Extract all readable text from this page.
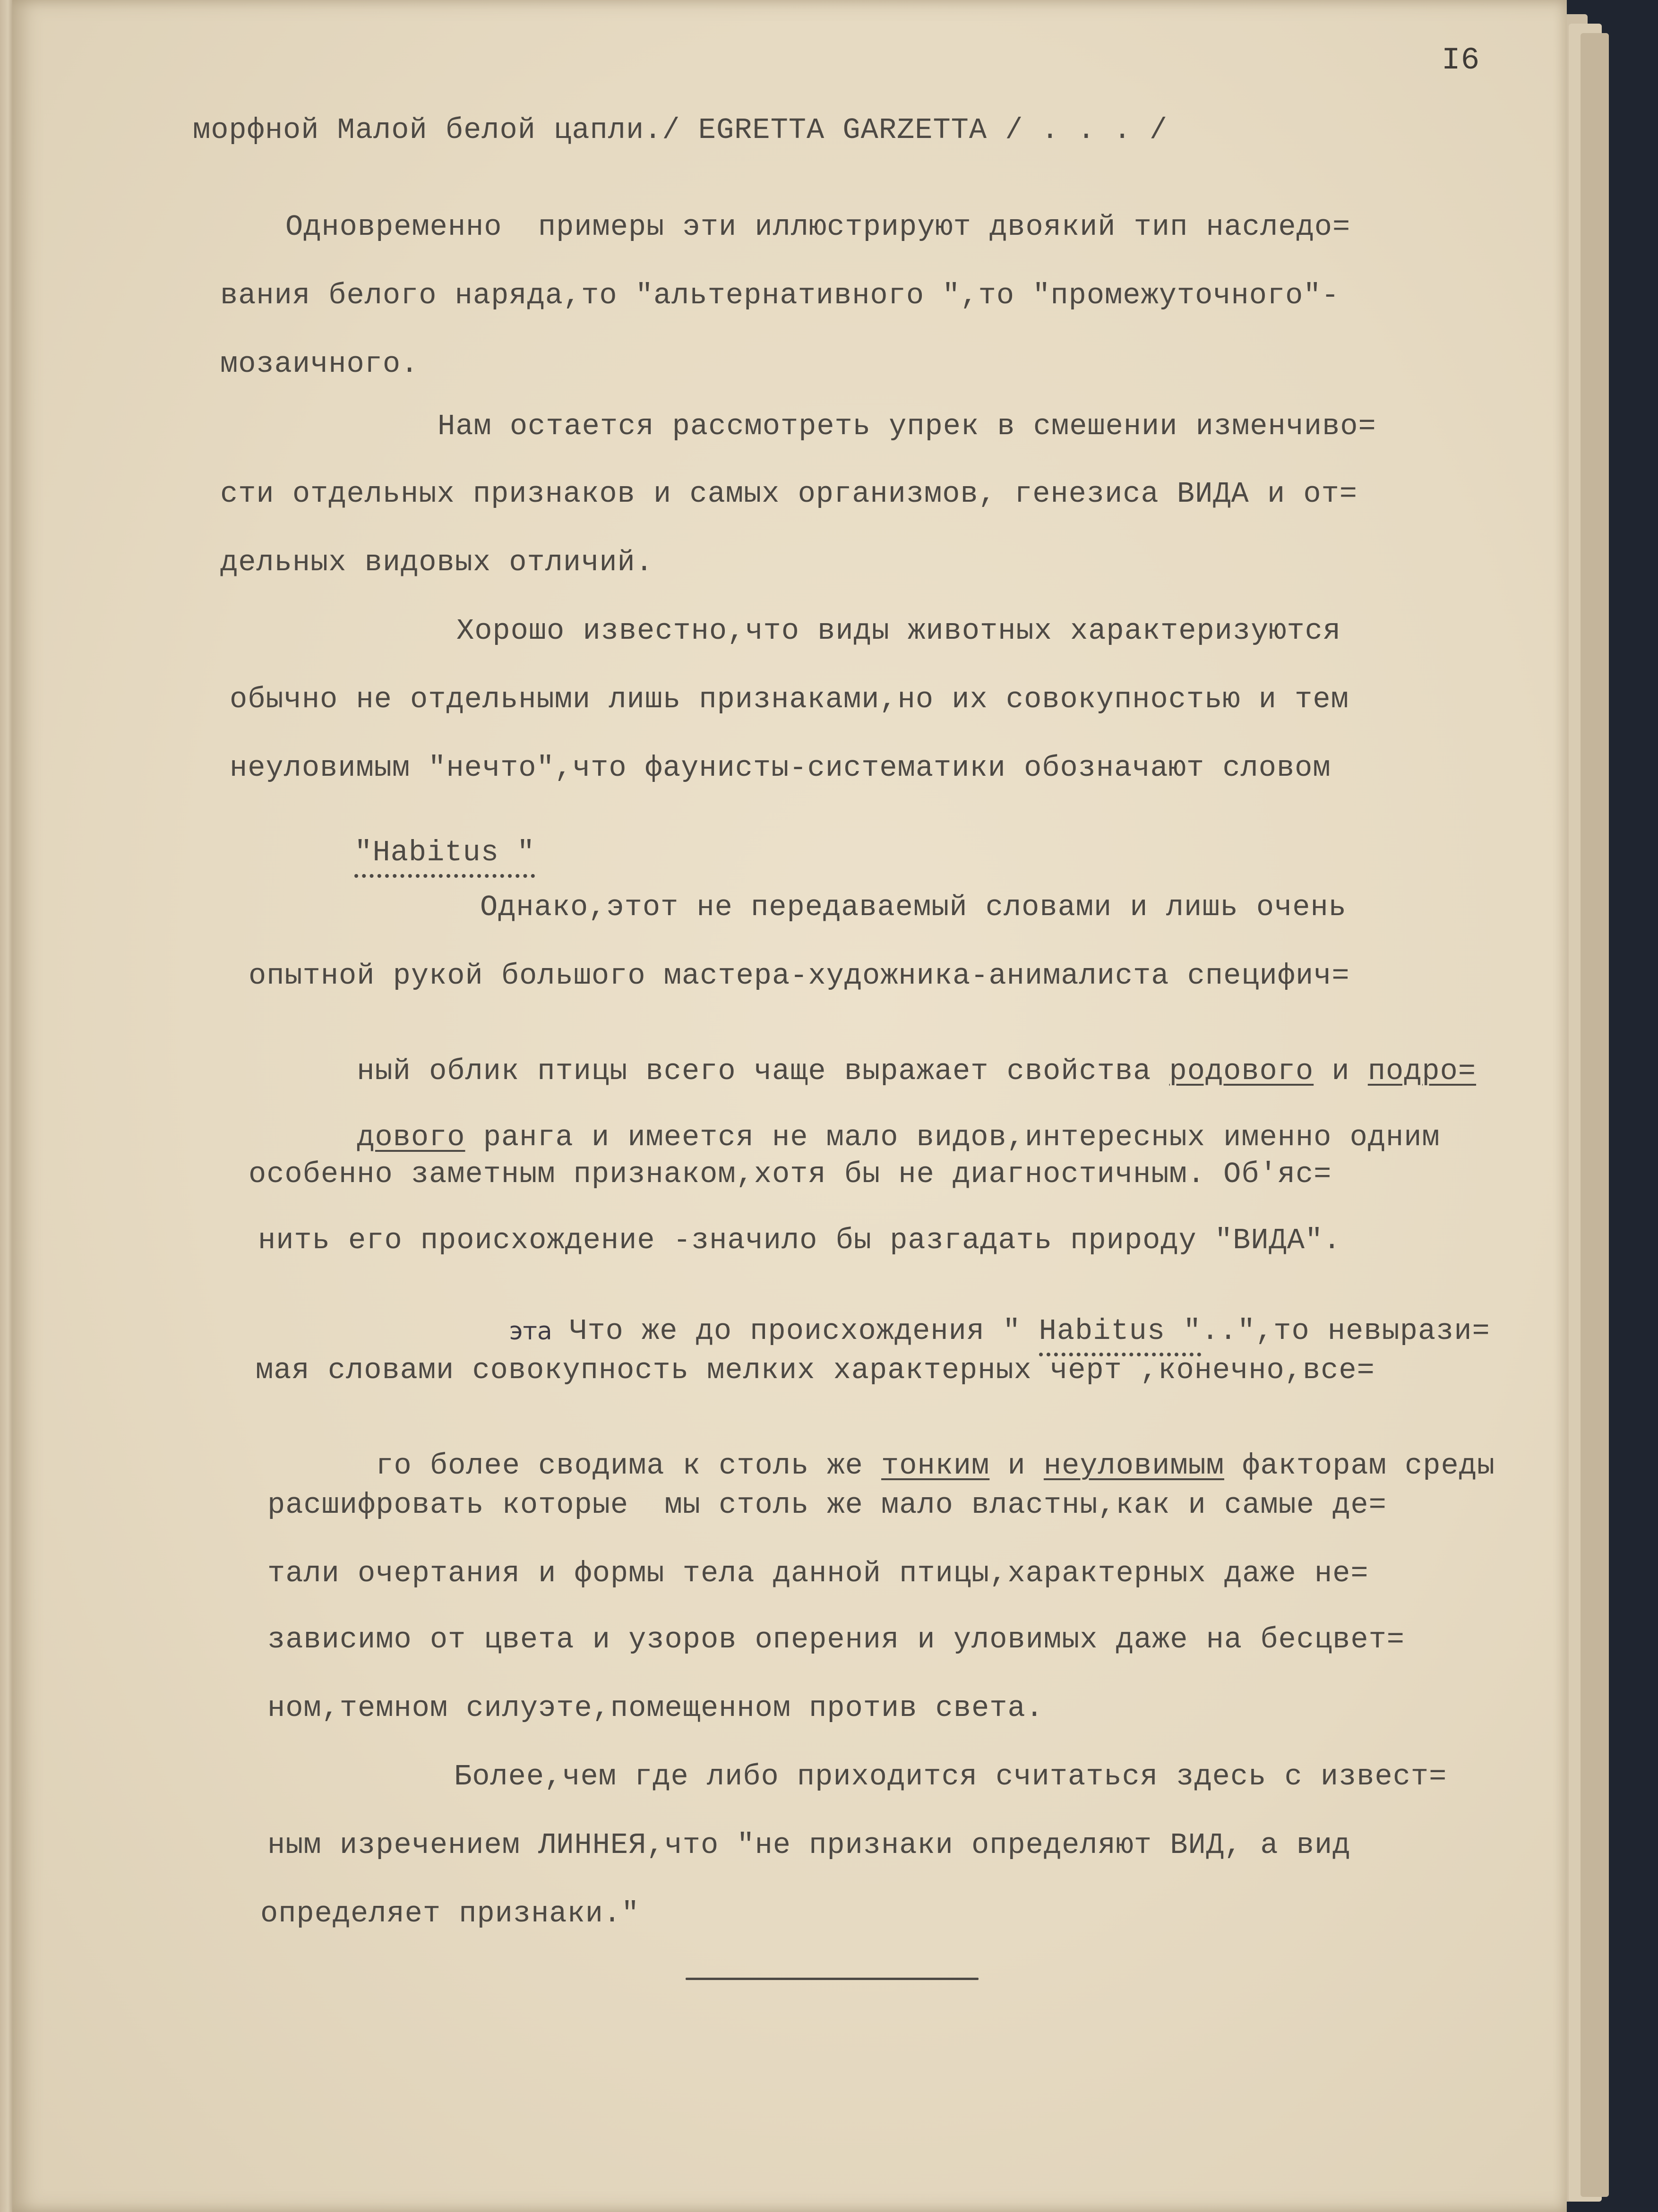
I6
морфной Малой белой цапли./ EGRETTA GARZETTA / . . . /
Одновременно  примеры эти иллюстрируют двоякий тип наследо=
вания белого наряда,то "альтернативного ",то "промежуточного"-
мозаичного.
Нам остается рассмотреть упрек в смешении изменчиво=
сти отдельных признаков и самых организмов, генезиса ВИДА и от=
дельных видовых отличий.
Хорошо известно,что виды животных характеризуются
обычно не отдельными лишь признаками,но их совокупностью и тем
неуловимым "нечто",что фаунисты-систематики обозначают словом

"Habitus "

Однако,этот не передаваемый словами и лишь очень
опытной рукой большого мастера-художника-анималиста специфич=

ный облик птицы всего чаще выражает свойства родового и подро=

дового ранга и имеется не мало видов,интересных именно одним

особенно заметным признаком,хотя бы не диагностичным. Об'яс=
нить его происхождение -значило бы разгадать природу "ВИДА".

Что же до происхождения " Habitus "..",то невырази=

эта
мая словами совокупность мелких характерных черт ,конечно,все=

го более сводима к столь же тонким и неуловимым факторам среды

расшифровать которые  мы столь же мало властны,как и самые де=
тали очертания и формы тела данной птицы,характерных даже не=
зависимо от цвета и узоров оперения и уловимых даже на бесцвет=
ном,темном силуэте,помещенном против света.
Более,чем где либо приходится считаться здесь с извест=
ным изречением ЛИННЕЯ,что "не признаки определяют ВИД, а вид
определяет признаки."
